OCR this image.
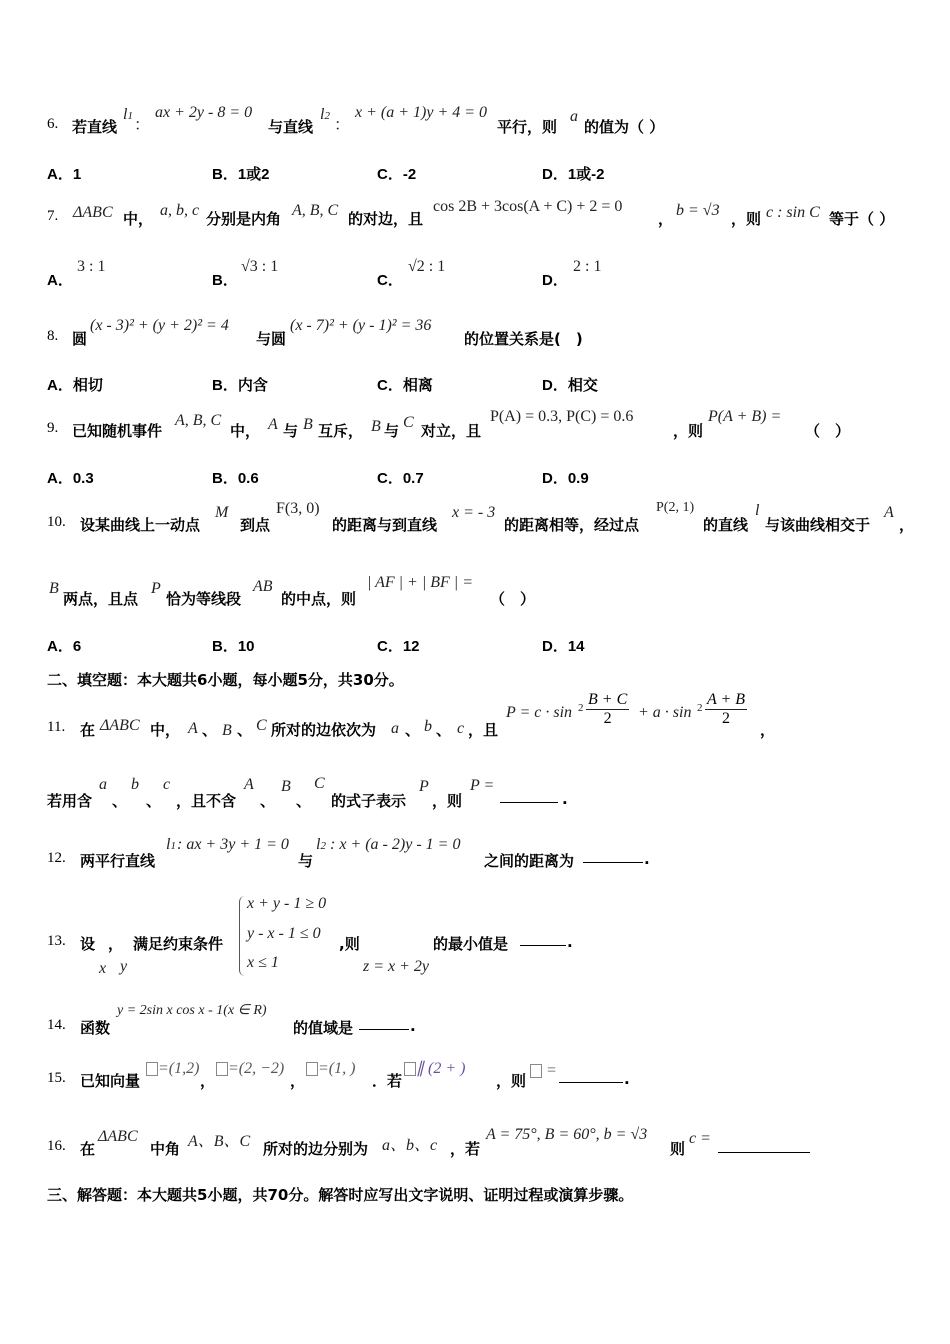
6. 若直线
l1
：
ax + 2y - 8 = 0
与直线
l2
：
x + (a + 1)y + 4 = 0
平行，则
a
的值为（ ）
A．1	B．1或2	C．-2	D．1或-2
7. ΔABC 中， a, b, c 分别是内角 A, B, C 的对边，且
cos 2B + 3cos(A + C) + 2 = 0
， b = √3 ，则 c : sin C 等于（ ）
A．
3 : 1
B．
√3 : 1
C．
√2 : 1
D．
2 : 1
8. 圆
(x - 3)² + (y + 2)² = 4
与圆
(x - 7)² + (y - 1)² = 36
的位置关系是(　)
A．相切	B．内含	C．相离	D．相交
9. 已知随机事件
A, B, C
中， A 与 B 互斥， B 与 C 对立，且
P(A) = 0.3, P(C) = 0.6
，则
P(A + B) =
（　）
A．0.3	B．0.6	C．0.7	D．0.9
10. 设某曲线上一动点
M
到点
F(3, 0)
的距离与到直线
x = - 3
的距离相等，经过点
P(2, 1)
的直线
l
与该曲线相交于
A
，
B
两点，且点
P
恰为等线段
AB
的中点，则
| AF | + | BF | =
（　）
A．6	B．10	C．12	D．14
二、填空题：本大题共6小题，每小题5分，共30分。
11. 在 ΔABC 中， A 、 B 、 C 所对的边依次为 a 、 b 、 c ，且
$P = c \cdot \sin 2 \frac{B + C}{2} + a \cdot \sin 2 \frac{A + B}{2}$
，
若用含
a
、
b
、
c
，且不含
A
、
B
、
C
的式子表示
P
，则
P =
.
12. 两平行直线
l1 : ax + 3y + 1 = 0
与
l2 : x + (a - 2)y - 1 = 0
之间的距离为	.
13. 设
x
，
y
满足约束条件
x + y - 1 ≥ 0
y - x - 1 ≤ 0
x ≤ 1
,则
z = x + 2y
的最小值是	.
14. 函数
y = 2sin x cos x - 1(x ∈ R)
的值域是	.
15. 已知向量
=(1,2)
，
=(2, −2)
，
=(1, )
．若
∥ (2 + )
，则
=	.
16. 在
ΔABC
中角 A、B、C 所对的边分别为 a、b、c ，若
A = 75°, B = 60°, b = √3
则
c =
三、解答题：本大题共5小题，共70分。解答时应写出文字说明、证明过程或演算步骤。
